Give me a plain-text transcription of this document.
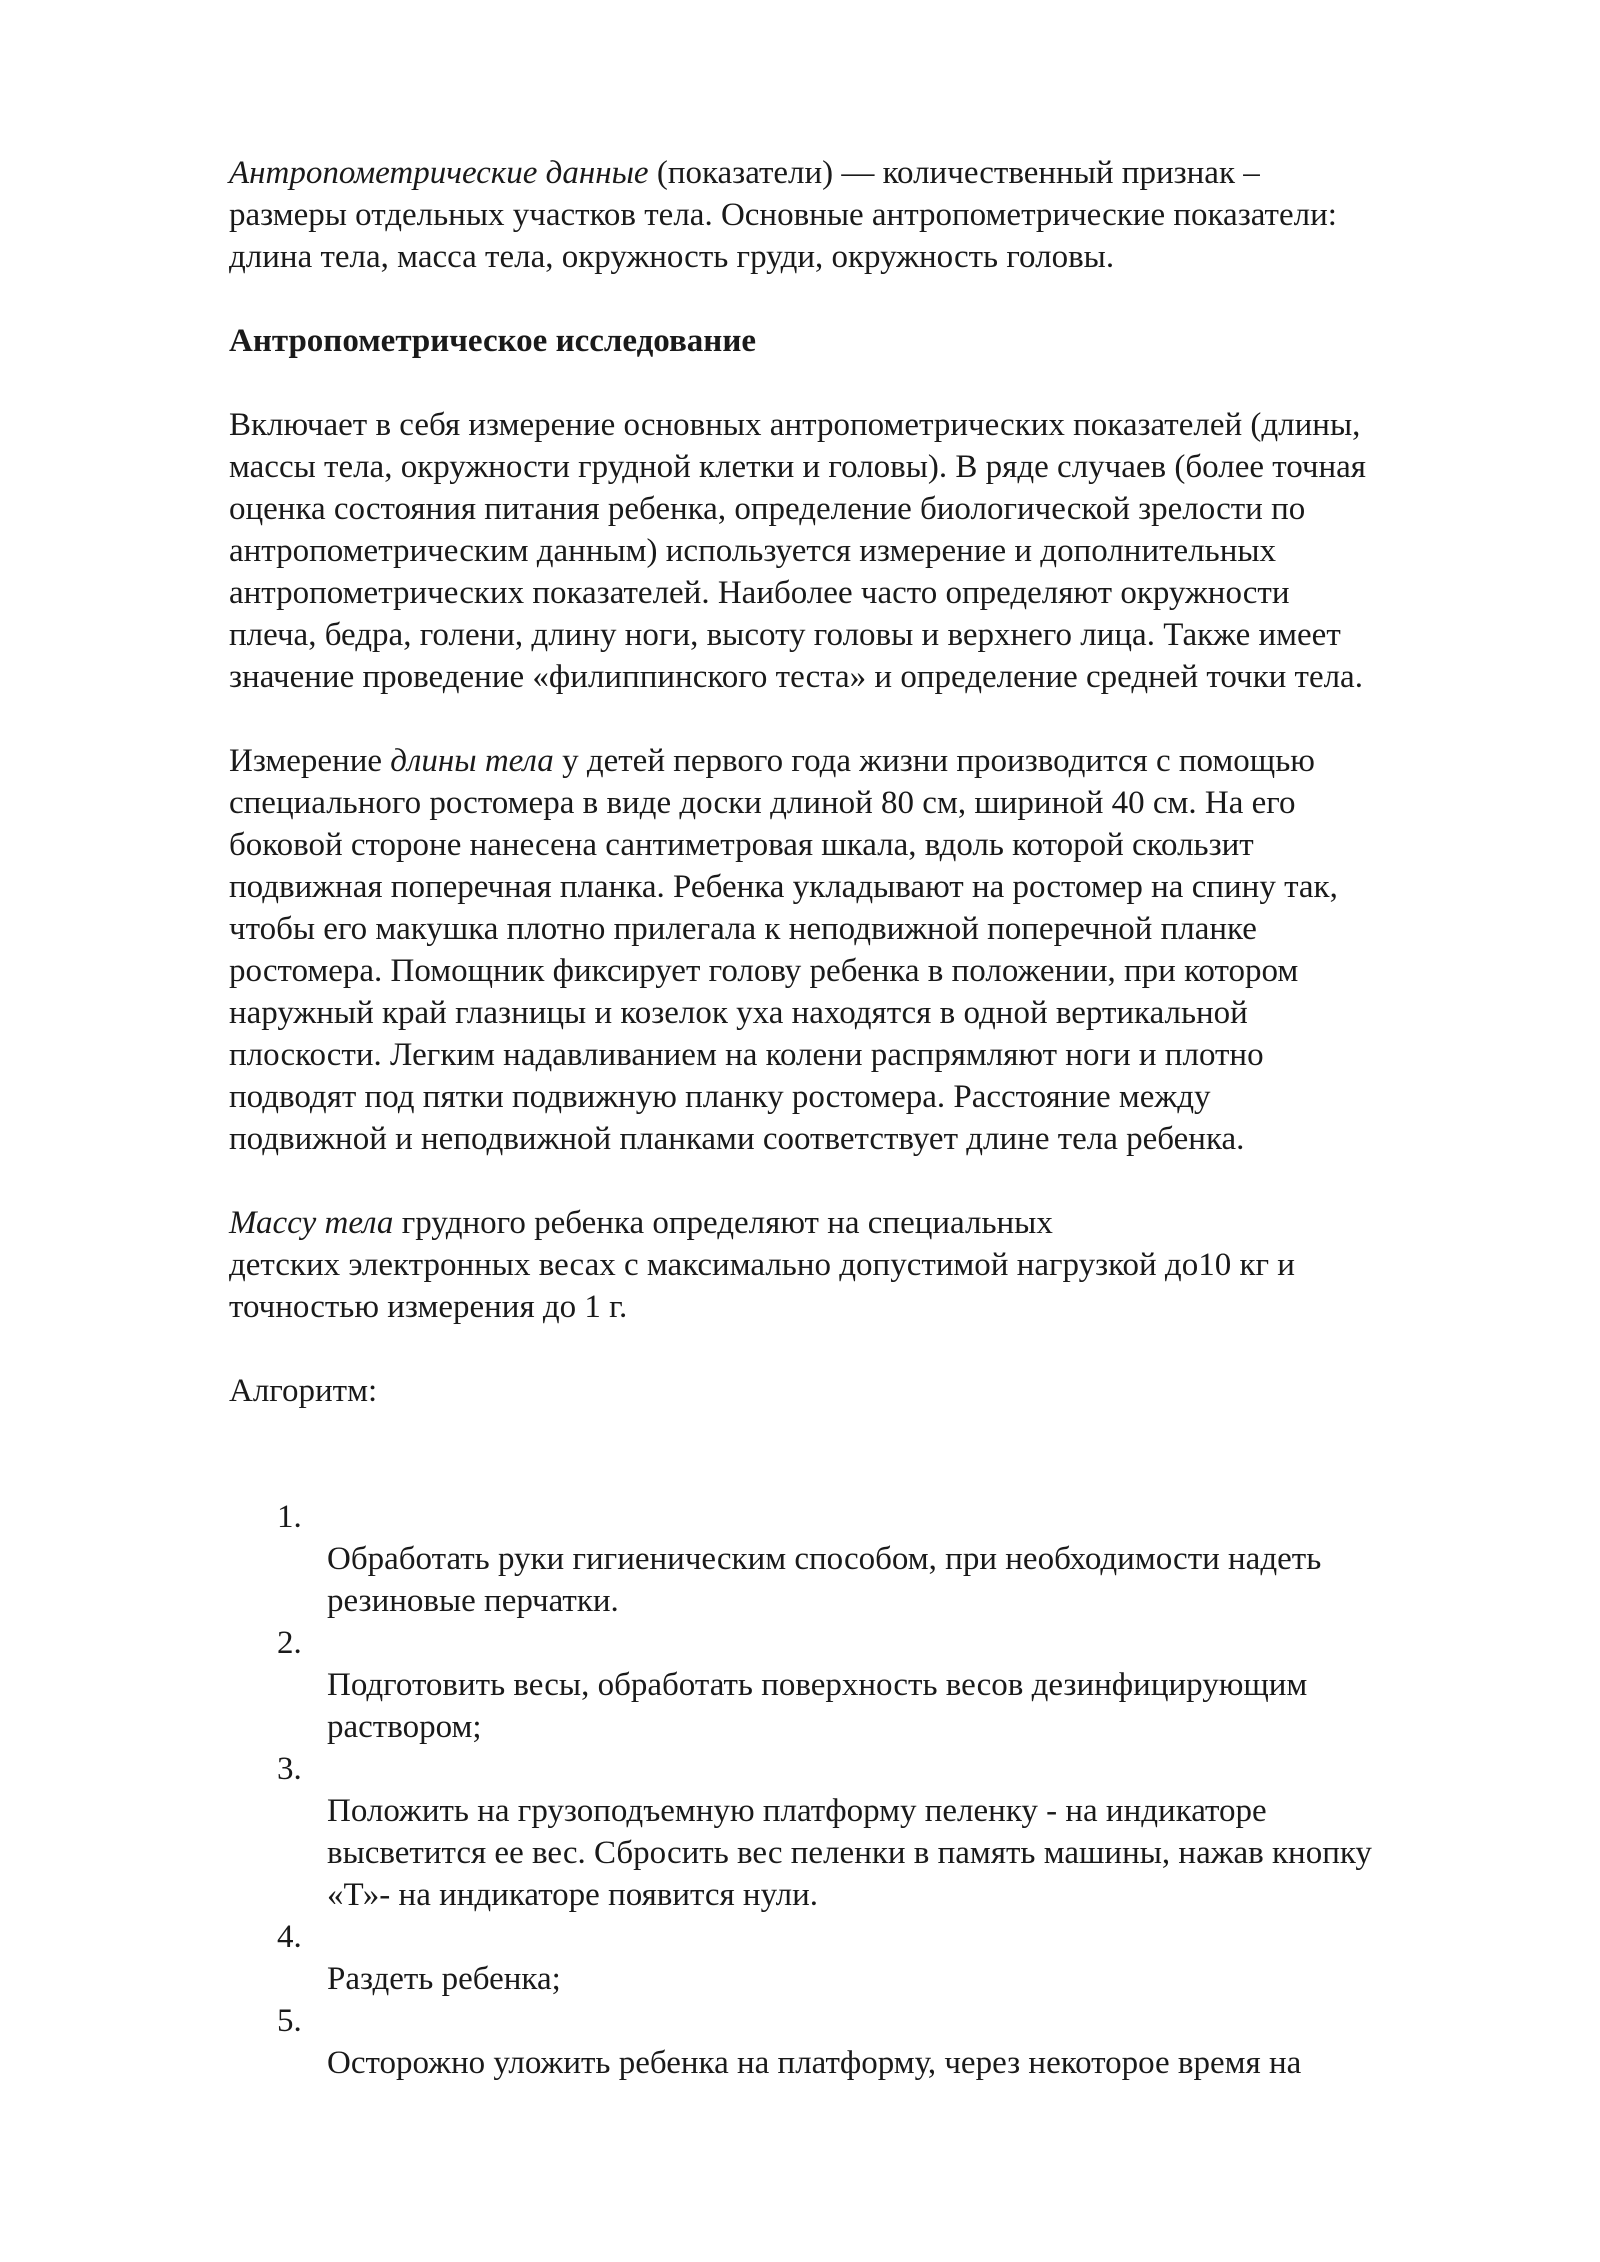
Антропометрические данные (показатели) — количественный признак –
размеры отдельных участков тела. Основные антропометрические показатели:
длина тела, масса тела, окружность груди, окружность головы.

Антропометрическое исследование

Включает в себя измерение основных антропометрических показателей (длины,
массы тела, окружности грудной клетки и головы). В ряде случаев (более точная
оценка состояния питания ребенка, определение биологической зрелости по
антропометрическим данным) используется измерение и дополнительных
антропометрических показателей. Наиболее часто определяют окружности
плеча, бедра, голени, длину ноги, высоту головы и верхнего лица. Также имеет
значение проведение «филиппинского теста» и определение средней точки тела.

Измерение длины тела у детей первого года жизни производится с помощью
специального ростомера в виде доски длиной 80 см, шириной 40 см. На его
боковой стороне нанесена сантиметровая шкала, вдоль которой скользит
подвижная поперечная планка. Ребенка укладывают на ростомер на спину так,
чтобы его макушка плотно прилегала к неподвижной поперечной планке
ростомера. Помощник фиксирует голову ребенка в положении, при котором
наружный край глазницы и козелок уха находятся в одной вертикальной
плоскости. Легким надавливанием на колени распрямляют ноги и плотно
подводят под пятки подвижную планку ростомера. Расстояние между
подвижной и неподвижной планками соответствует длине тела ребенка.

Массу тела грудного ребенка определяют на специальных
детских электронных весах с максимально допустимой нагрузкой до10 кг и
точностью измерения до 1 г.

Алгоритм:

1.
Обработать руки гигиеническим способом, при необходимости надеть
резиновые перчатки.
2.
Подготовить весы, обработать поверхность весов дезинфицирующим
раствором;
3.
Положить на грузоподъемную платформу пеленку - на индикаторе
высветится ее вес. Сбросить вес пеленки в память машины, нажав кнопку
«Т»- на индикаторе появится нули.
4.
Раздеть ребенка;
5.
Осторожно уложить ребенка на платформу, через некоторое время на
